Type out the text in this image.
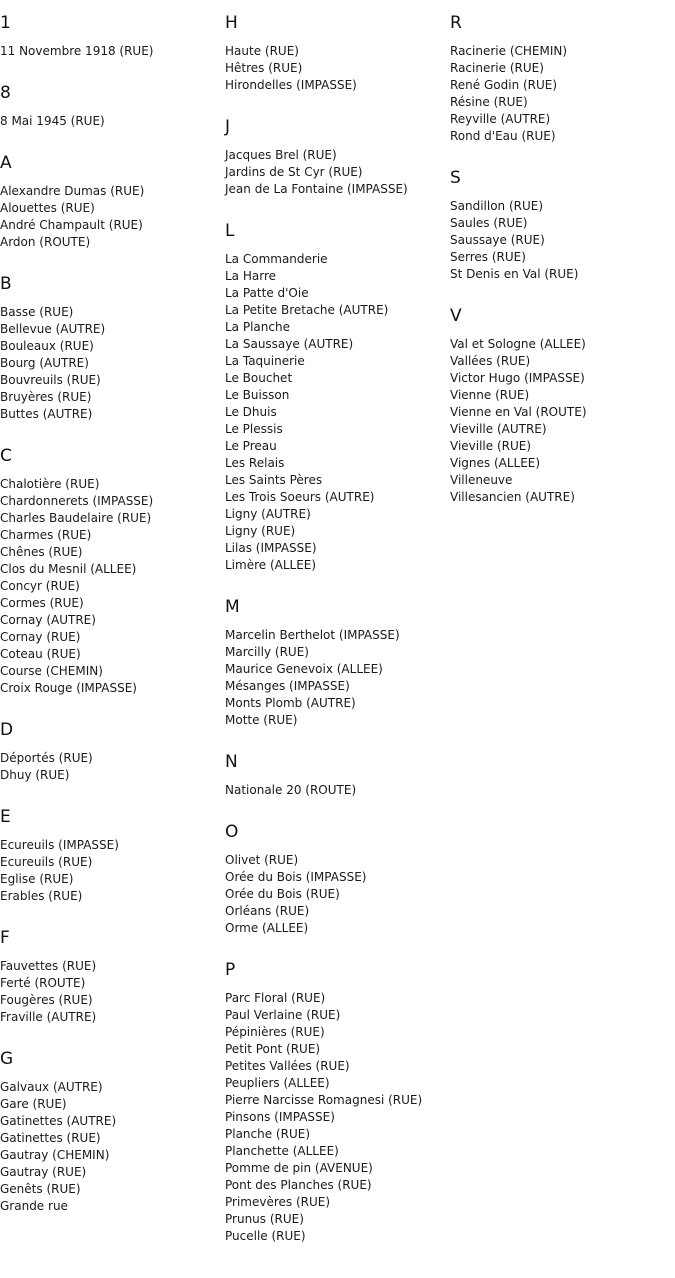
1
11 Novembre 1918 (RUE)
8
8 Mai 1945 (RUE)
A
Alexandre Dumas (RUE)
Alouettes (RUE)
André Champault (RUE)
Ardon (ROUTE)
B
Basse (RUE)
Bellevue (AUTRE)
Bouleaux (RUE)
Bourg (AUTRE)
Bouvreuils (RUE)
Bruyères (RUE)
Buttes (AUTRE)
C
Chalotière (RUE)
Chardonnerets (IMPASSE)
Charles Baudelaire (RUE)
Charmes (RUE)
Chênes (RUE)
Clos du Mesnil (ALLEE)
Concyr (RUE)
Cormes (RUE)
Cornay (AUTRE)
Cornay (RUE)
Coteau (RUE)
Course (CHEMIN)
Croix Rouge (IMPASSE)
D
Déportés (RUE)
Dhuy (RUE)
E
Ecureuils (IMPASSE)
Ecureuils (RUE)
Eglise (RUE)
Erables (RUE)
F
Fauvettes (RUE)
Ferté (ROUTE)
Fougères (RUE)
Fraville (AUTRE)
G
Galvaux (AUTRE)
Gare (RUE)
Gatinettes (AUTRE)
Gatinettes (RUE)
Gautray (CHEMIN)
Gautray (RUE)
Genêts (RUE)
Grande rue
H
Haute (RUE)
Hêtres (RUE)
Hirondelles (IMPASSE)
J
Jacques Brel (RUE)
Jardins de St Cyr (RUE)
Jean de La Fontaine (IMPASSE)
L
La Commanderie
La Harre
La Patte d'Oie
La Petite Bretache (AUTRE)
La Planche
La Saussaye (AUTRE)
La Taquinerie
Le Bouchet
Le Buisson
Le Dhuis
Le Plessis
Le Preau
Les Relais
Les Saints Pères
Les Trois Soeurs (AUTRE)
Ligny (AUTRE)
Ligny (RUE)
Lilas (IMPASSE)
Limère (ALLEE)
M
Marcelin Berthelot (IMPASSE)
Marcilly (RUE)
Maurice Genevoix (ALLEE)
Mésanges (IMPASSE)
Monts Plomb (AUTRE)
Motte (RUE)
N
Nationale 20 (ROUTE)
O
Olivet (RUE)
Orée du Bois (IMPASSE)
Orée du Bois (RUE)
Orléans (RUE)
Orme (ALLEE)
P
Parc Floral (RUE)
Paul Verlaine (RUE)
Pépinières (RUE)
Petit Pont (RUE)
Petites Vallées (RUE)
Peupliers (ALLEE)
Pierre Narcisse Romagnesi (RUE)
Pinsons (IMPASSE)
Planche (RUE)
Planchette (ALLEE)
Pomme de pin (AVENUE)
Pont des Planches (RUE)
Primevères (RUE)
Prunus (RUE)
Pucelle (RUE)
R
Racinerie (CHEMIN)
Racinerie (RUE)
René Godin (RUE)
Résine (RUE)
Reyville (AUTRE)
Rond d'Eau (RUE)
S
Sandillon (RUE)
Saules (RUE)
Saussaye (RUE)
Serres (RUE)
St Denis en Val (RUE)
V
Val et Sologne (ALLEE)
Vallées (RUE)
Victor Hugo (IMPASSE)
Vienne (RUE)
Vienne en Val (ROUTE)
Vieville (AUTRE)
Vieville (RUE)
Vignes (ALLEE)
Villeneuve
Villesancien (AUTRE)
